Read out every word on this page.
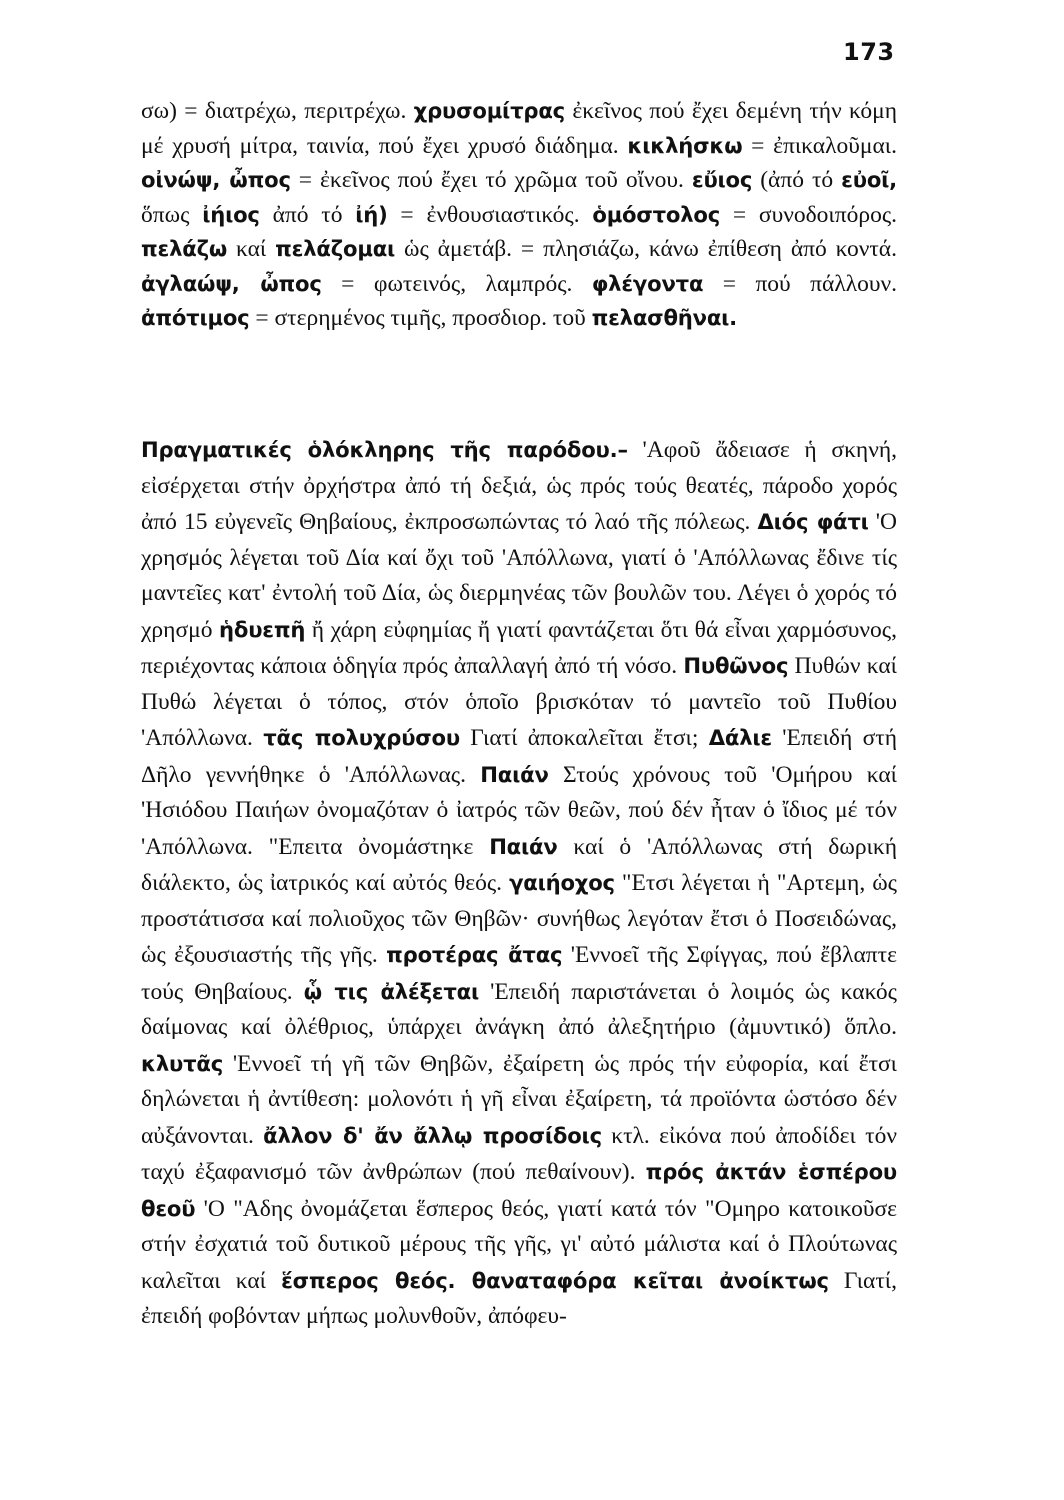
173

σω) = διατρέχω, περιτρέχω. χρυσομίτρας ἐκεῖνος πού ἔχει δεμένη τήν κόμη μέ χρυσή μίτρα, ταινία, πού ἔχει χρυσό διάδημα. κικλήσκω = ἐπικαλοῦμαι. οἰνώψ, ὦπος = ἐκεῖνος πού ἔχει τό χρῶμα τοῦ οἴνου. εὔιος (ἀπό τό εὐοῖ, ὅπως ἰήιος ἀπό τό ἰή) = ἐνθουσιαστικός. ὁμόστολος = συνοδοιπόρος. πελάζω καί πελάζομαι ὡς ἀμετάβ. = πλησιάζω, κάνω ἐπίθεση ἀπό κοντά. ἀγλαώψ, ὦπος = φωτεινός, λαμπρός. φλέγοντα = πού πάλλουν. ἀπότιμος = στερημένος τιμῆς, προσδιορ. τοῦ πελασθῆναι.

Πραγματικές ὁλόκληρης τῆς παρόδου.– 'Αφοῦ ἄδειασε ἡ σκηνή, εἰσέρχεται στήν ὀρχήστρα ἀπό τή δεξιά, ὡς πρός τούς θεατές, πάροδο χορός ἀπό 15 εὐγενεῖς Θηβαίους, ἐκπροσωπώντας τό λαό τῆς πόλεως. Διός φάτι 'Ο χρησμός λέγεται τοῦ Δία καί ὄχι τοῦ 'Απόλλωνα, γιατί ὁ 'Απόλλωνας ἔδινε τίς μαντεῖες κατ' ἐντολή τοῦ Δία, ὡς διερμηνέας τῶν βουλῶν του. Λέγει ὁ χορός τό χρησμό ἡδυεπῆ ἤ χάρη εὐφημίας ἤ γιατί φαντάζεται ὅτι θά εἶναι χαρμόσυνος, περιέχοντας κάποια ὁδηγία πρός ἀπαλλαγή ἀπό τή νόσο. Πυθῶνος Πυθών καί Πυθώ λέγεται ὁ τόπος, στόν ὁποῖο βρισκόταν τό μαντεῖο τοῦ Πυθίου 'Απόλλωνα. τᾶς πολυχρύσου Γιατί ἀποκαλεῖται ἔτσι; Δάλιε 'Επειδή στή Δῆλο γεννήθηκε ὁ 'Απόλλωνας. Παιάν Στούς χρόνους τοῦ 'Ομήρου καί 'Ησιόδου Παιήων ὀνομαζόταν ὁ ἰατρός τῶν θεῶν, πού δέν ἦταν ὁ ἴδιος μέ τόν 'Απόλλωνα. "Επειτα ὀνομάστηκε Παιάν καί ὁ 'Απόλλωνας στή δωρική διάλεκτο, ὡς ἰατρικός καί αὐτός θεός. γαιήοχος "Ετσι λέγεται ἡ "Αρτεμη, ὡς προστάτισσα καί πολιοῦχος τῶν Θηβῶν· συνήθως λεγόταν ἔτσι ὁ Ποσειδώνας, ὡς ἐξουσιαστής τῆς γῆς. προτέρας ἄτας 'Εννοεῖ τῆς Σφίγγας, πού ἔβλαπτε τούς Θηβαίους. ᾧ τις ἀλέξεται 'Επειδή παριστάνεται ὁ λοιμός ὡς κακός δαίμονας καί ὀλέθριος, ὑπάρχει ἀνάγκη ἀπό ἀλεξητήριο (ἀμυντικό) ὅπλο. κλυτᾶς 'Εννοεῖ τή γῆ τῶν Θηβῶν, ἐξαίρετη ὡς πρός τήν εὐφορία, καί ἔτσι δηλώνεται ἡ ἀντίθεση: μολονότι ἡ γῆ εἶναι ἐξαίρετη, τά προϊόντα ὡστόσο δέν αὐξάνονται. ἄλλον δ' ἄν ἄλλῳ προσίδοις κτλ. εἰκόνα πού ἀποδίδει τόν ταχύ ἐξαφανισμό τῶν ἀνθρώπων (πού πεθαίνουν). πρός ἀκτάν ἑσπέρου θεοῦ 'Ο "Αδης ὀνομάζεται ἕσπερος θεός, γιατί κατά τόν "Ομηρο κατοικοῦσε στήν ἐσχατιά τοῦ δυτικοῦ μέρους τῆς γῆς, γι' αὐτό μάλιστα καί ὁ Πλούτωνας καλεῖται καί ἕσπερος θεός. θαναταφόρα κεῖται ἀνοίκτως Γιατί, ἐπειδή φοβόνταν μήπως μολυνθοῦν, ἀπόφευ-
